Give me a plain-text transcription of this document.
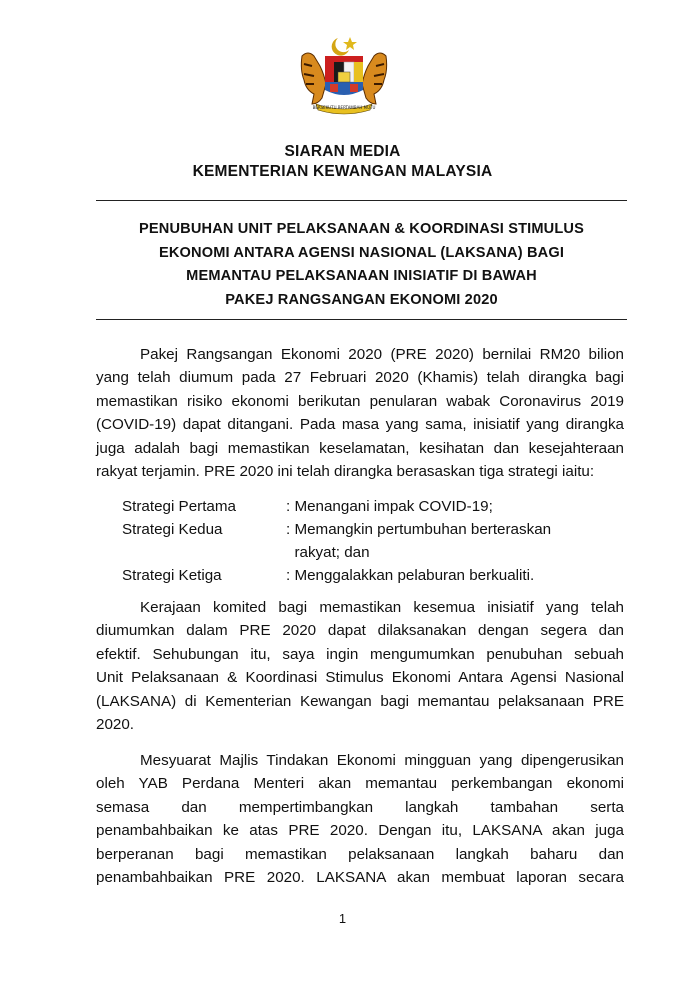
BERSEKUTU BERTAMBAH MUTU
SIARAN MEDIA
KEMENTERIAN KEWANGAN MALAYSIA
PENUBUHAN UNIT PELAKSANAAN & KOORDINASI STIMULUS
EKONOMI ANTARA AGENSI NASIONAL (LAKSANA) BAGI
MEMANTAU PELAKSANAAN INISIATIF DI BAWAH
PAKEJ RANGSANGAN EKONOMI 2020
Pakej Rangsangan Ekonomi 2020 (PRE 2020) bernilai RM20 bilion
yang telah diumum pada 27 Februari 2020 (Khamis) telah dirangka bagi
memastikan risiko ekonomi berikutan penularan wabak Coronavirus 2019
(COVID-19) dapat ditangani. Pada masa yang sama, inisiatif yang dirangka
juga adalah bagi memastikan keselamatan, kesihatan dan kesejahteraan
rakyat terjamin. PRE 2020 ini telah dirangka berasaskan tiga strategi iaitu:
Strategi Pertama	: Menangani impak COVID-19;
Strategi Kedua	: Memangkin pertumbuhan berteraskan
rakyat; dan
Strategi Ketiga	: Menggalakkan pelaburan berkualiti.
Kerajaan komited bagi memastikan kesemua inisiatif yang telah
diumumkan dalam PRE 2020 dapat dilaksanakan dengan segera dan
efektif. Sehubungan itu, saya ingin mengumumkan penubuhan sebuah
Unit Pelaksanaan & Koordinasi Stimulus Ekonomi Antara Agensi Nasional
(LAKSANA) di Kementerian Kewangan bagi memantau pelaksanaan PRE
2020.
Mesyuarat Majlis Tindakan Ekonomi mingguan yang dipengerusikan
oleh YAB Perdana Menteri akan memantau perkembangan ekonomi
semasa dan mempertimbangkan langkah tambahan serta
penambahbaikan ke atas PRE 2020. Dengan itu, LAKSANA akan juga
berperanan bagi memastikan pelaksanaan langkah baharu dan
penambahbaikan PRE 2020. LAKSANA akan membuat laporan secara
1
